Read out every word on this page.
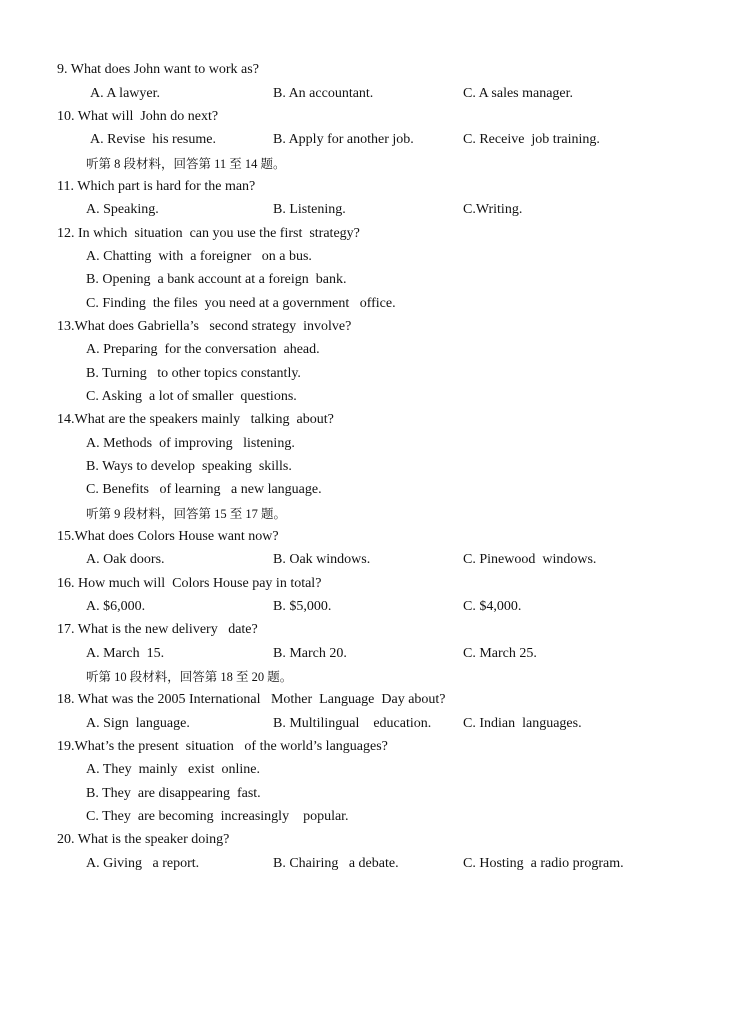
9. What does John want to work as?
A. A lawyer.	B. An accountant.	C. A sales manager.
10. What will  John do next?
A. Revise  his resume.	B. Apply for another job.	C. Receive  job training.
听第 8 段材料，回答第 11 至 14 题。
11. Which part is hard for the man?
A. Speaking.	B. Listening.	C.Writing.
12. In which  situation  can you use the first  strategy?
A. Chatting  with  a foreigner   on a bus.
B. Opening  a bank account at a foreign  bank.
C. Finding  the files  you need at a government   office.
13.What does Gabriella’s   second strategy  involve?
A. Preparing  for the conversation  ahead.
B. Turning   to other topics constantly.
C. Asking  a lot of smaller  questions.
14.What are the speakers mainly   talking  about?
A. Methods  of improving   listening.
B. Ways to develop  speaking  skills.
C. Benefits   of learning   a new language.
听第 9 段材料，回答第 15 至 17 题。
15.What does Colors House want now?
A. Oak doors.	B. Oak windows.	C. Pinewood  windows.
16. How much will  Colors House pay in total?
A. $6,000.	B. $5,000.	C. $4,000.
17. What is the new delivery   date?
A. March  15.	B. March 20.	C. March 25.
听第 10 段材料，回答第 18 至 20 题。
18. What was the 2005 International   Mother  Language  Day about?
A. Sign  language.	B. Multilingual    education. C. Indian  languages.
19.What’s the present  situation   of the world’s languages?
A. They  mainly   exist  online.
B. They  are disappearing  fast.
C. They  are becoming  increasingly    popular.
20. What is the speaker doing?
A. Giving   a report.	B. Chairing   a debate.	C. Hosting  a radio program.
